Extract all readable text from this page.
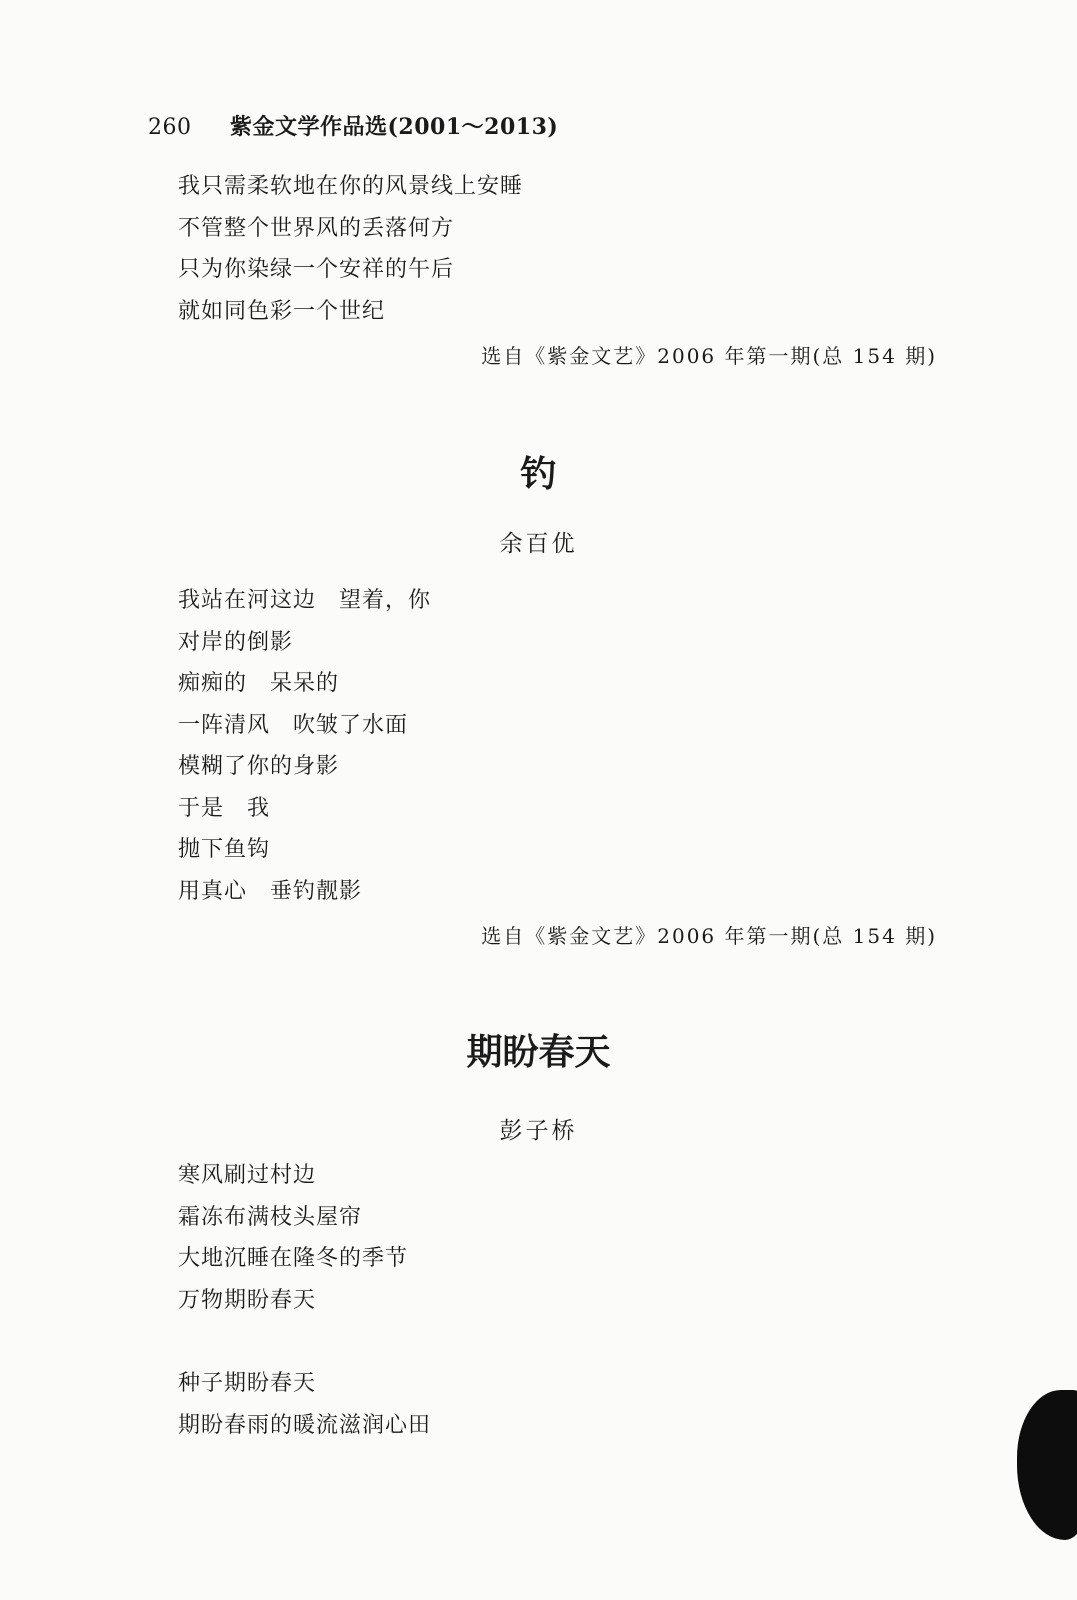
260 紫金文学作品选(2001～2013)
我只需柔软地在你的风景线上安睡
不管整个世界风的丢落何方
只为你染绿一个安祥的午后
就如同色彩一个世纪
选自《紫金文艺》2006 年第一期(总 154 期)
钓
余百优
我站在河这边　望着，你
对岸的倒影
痴痴的　呆呆的
一阵清风　吹皱了水面
模糊了你的身影
于是　我
抛下鱼钩
用真心　垂钓靓影
选自《紫金文艺》2006 年第一期(总 154 期)
期盼春天
彭子桥
寒风刷过村边
霜冻布满枝头屋帘
大地沉睡在隆冬的季节
万物期盼春天
种子期盼春天
期盼春雨的暖流滋润心田
